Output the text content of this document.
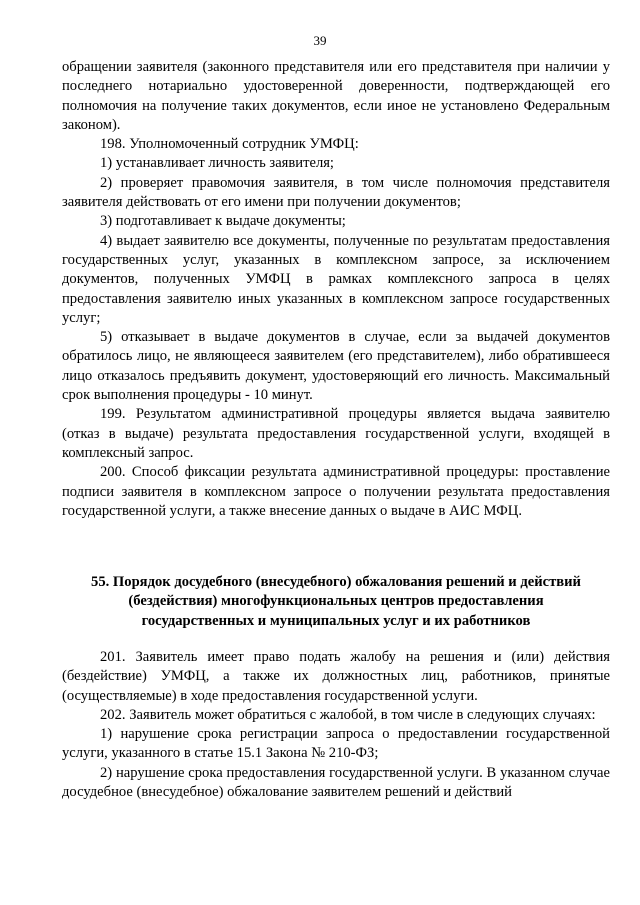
39

обращении заявителя (законного представителя или его представителя при наличии у последнего нотариально удостоверенной доверенности, подтверждающей его полномочия на получение таких документов, если иное не установлено Федеральным законом).

198. Уполномоченный сотрудник УМФЦ:

1) устанавливает личность заявителя;

2) проверяет правомочия заявителя, в том числе полномочия представителя заявителя действовать от его имени при получении документов;

3) подготавливает к выдаче документы;

4) выдает заявителю все документы, полученные по результатам предоставления государственных услуг, указанных в комплексном запросе, за исключением документов, полученных УМФЦ в рамках комплексного запроса в целях предоставления заявителю иных указанных в комплексном запросе государственных услуг;

5) отказывает в выдаче документов в случае, если за выдачей документов обратилось лицо, не являющееся заявителем (его представителем), либо обратившееся лицо отказалось предъявить документ, удостоверяющий его личность. Максимальный срок выполнения процедуры - 10 минут.

199. Результатом административной процедуры является выдача заявителю (отказ в выдаче) результата предоставления государственной услуги, входящей в комплексный запрос.

200. Способ фиксации результата административной процедуры: проставление подписи заявителя в комплексном запросе о получении результата предоставления государственной услуги, а также внесение данных о выдаче в АИС МФЦ.

55. Порядок досудебного (внесудебного) обжалования решений и действий
(бездействия) многофункциональных центров предоставления
государственных и муниципальных услуг и их работников

201. Заявитель имеет право подать жалобу на решения и (или) действия (бездействие) УМФЦ, а также их должностных лиц, работников, принятые (осуществляемые) в ходе предоставления государственной услуги.

202. Заявитель может обратиться с жалобой, в том числе в следующих случаях:

1) нарушение срока регистрации запроса о предоставлении государственной услуги, указанного в статье 15.1 Закона № 210-ФЗ;

2) нарушение срока предоставления государственной услуги. В указанном случае досудебное (внесудебное) обжалование заявителем решений и действий
